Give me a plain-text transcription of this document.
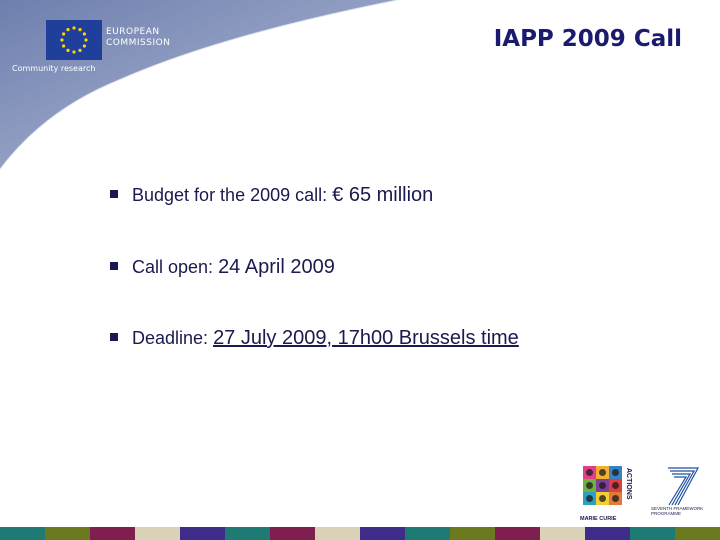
EUROPEAN
COMMISSION
Community research
IAPP 2009 Call
Budget for the 2009 call: € 65 million
Call open: 24 April 2009
Deadline: 27 July 2009, 17h00 Brussels time
ACTIONS
MARIE CURIE
SEVENTH FRAMEWORK
PROGRAMME
